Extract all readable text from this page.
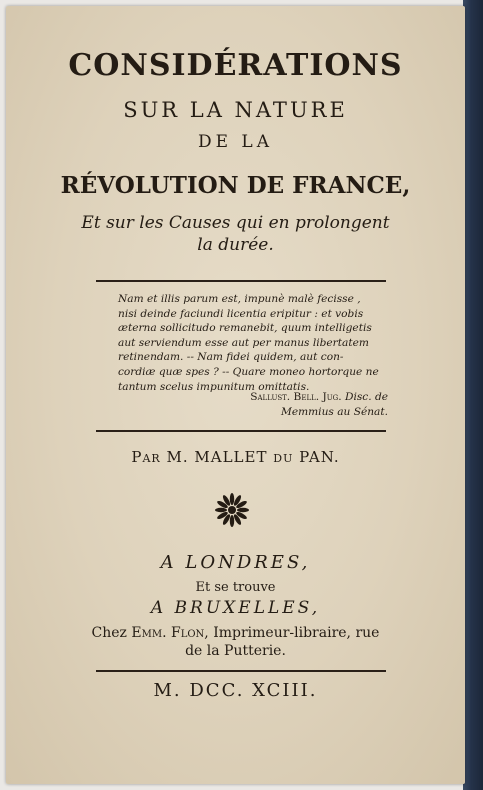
CONSIDÉRATIONS
SUR LA NATURE
DE LA
RÉVOLUTION DE FRANCE,
Et sur les Causes qui en prolongent
la durée.
Nam et illis parum est, impunè malè fecisse ,
nisi deinde faciundi licentia eripitur : et vobis
æterna sollicitudo remanebit, quum intelligetis
aut serviendum esse aut per manus libertatem
retinendam. -- Nam fidei quidem, aut con-
cordiæ quæ spes ? -- Quare moneo hortorque ne
tantum scelus impunitum omittatis.
Sallust. Bell. Jug. Disc. de
Memmius au Sénat.
Par M. MALLET du PAN.
A LONDRES,
Et se trouve
A BRUXELLES,
Chez Emm. Flon, Imprimeur-libraire, rue
de la Putterie.
M. DCC. XCIII.
